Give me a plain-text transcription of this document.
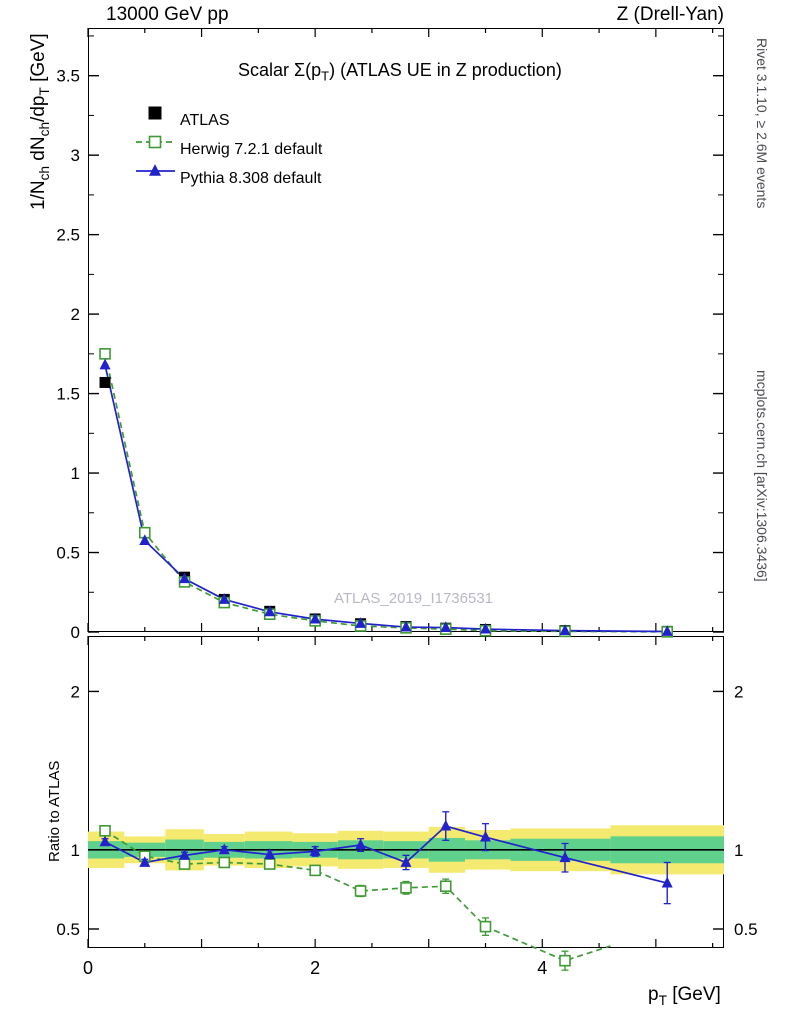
13000 GeV pp	Z (Drell-Yan)
Rivet 3.1.10, ≥ 2.6M events
mcplots.cern.ch [arXiv:1306.3436]
Scalar $\Sigma(p_T)$ (ATLAS UE in Z production)
$1/N_{ch}$ $dN_{ch}/dp_T$ [GeV]
$p_T$ [GeV]
Ratio to ATLAS
ATLAS_2019_I1736531
ATLAS
Herwig 7.2.1 default
Pythia 8.308 default
0
0.5
1
1.5
2
2.5
3
3.5
0.5	0.5
1	1
2	2
0	2	4
